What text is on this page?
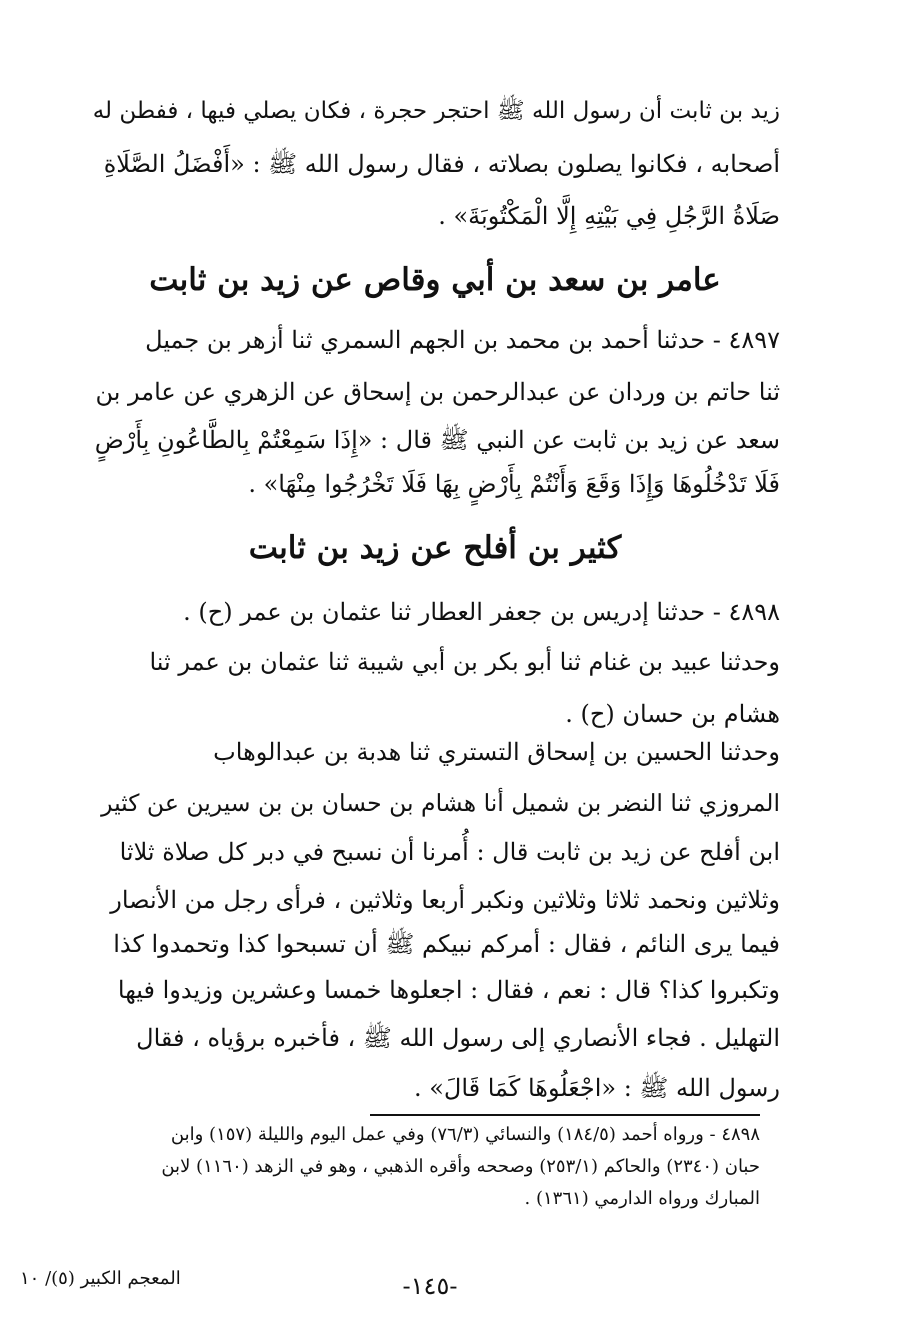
زيد بن ثابت أن رسول الله ﷺ احتجر حجرة ، فكان يصلي فيها ، ففطن له
أصحابه ، فكانوا يصلون بصلاته ، فقال رسول الله ﷺ : «أَفْضَلُ الصَّلَاةِ
صَلَاةُ الرَّجُلِ فِي بَيْتِهِ إِلَّا الْمَكْتُوبَةَ» .
عامر بن سعد بن أبي وقاص عن زيد بن ثابت
٤٨٩٧ - حدثنا أحمد بن محمد بن الجهم السمري ثنا أزهر بن جميل
ثنا حاتم بن وردان عن عبدالرحمن بن إسحاق عن الزهري عن عامر بن
سعد عن زيد بن ثابت عن النبي ﷺ قال : «إِذَا سَمِعْتُمْ بِالطَّاعُونِ بِأَرْضٍ
فَلَا تَدْخُلُوهَا وَإِذَا وَقَعَ وَأَنْتُمْ بِأَرْضٍ بِهَا فَلَا تَخْرُجُوا مِنْهَا» .
كثير بن أفلح عن زيد بن ثابت
٤٨٩٨ - حدثنا إدريس بن جعفر العطار ثنا عثمان بن عمر (ح) .
وحدثنا عبيد بن غنام ثنا أبو بكر بن أبي شيبة ثنا عثمان بن عمر ثنا
هشام بن حسان (ح) .
وحدثنا الحسين بن إسحاق التستري ثنا هدبة بن عبدالوهاب
المروزي ثنا النضر بن شميل أنا هشام بن حسان بن بن سيرين عن كثير
ابن أفلح عن زيد بن ثابت قال : أُمرنا أن نسبح في دبر كل صلاة ثلاثا
وثلاثين ونحمد ثلاثا وثلاثين ونكبر أربعا وثلاثين ، فرأى رجل من الأنصار
فيما يرى النائم ، فقال : أمركم نبيكم ﷺ أن تسبحوا كذا وتحمدوا كذا
وتكبروا كذا؟ قال : نعم ، فقال : اجعلوها خمسا وعشرين وزيدوا فيها
التهليل . فجاء الأنصاري إلى رسول الله ﷺ ، فأخبره برؤياه ، فقال
رسول الله ﷺ : «اجْعَلُوهَا كَمَا قَالَ» .
٤٨٩٨ - ورواه أحمد (١٨٤/٥) والنسائي (٧٦/٣) وفي عمل اليوم والليلة (١٥٧) وابن
حبان (٢٣٤٠) والحاكم (٢٥٣/١) وصححه وأقره الذهبي ، وهو في الزهد (١١٦٠) لابن
المبارك ورواه الدارمي (١٣٦١) .
المعجم الكبير (٥)/ ١٠	-١٤٥-
